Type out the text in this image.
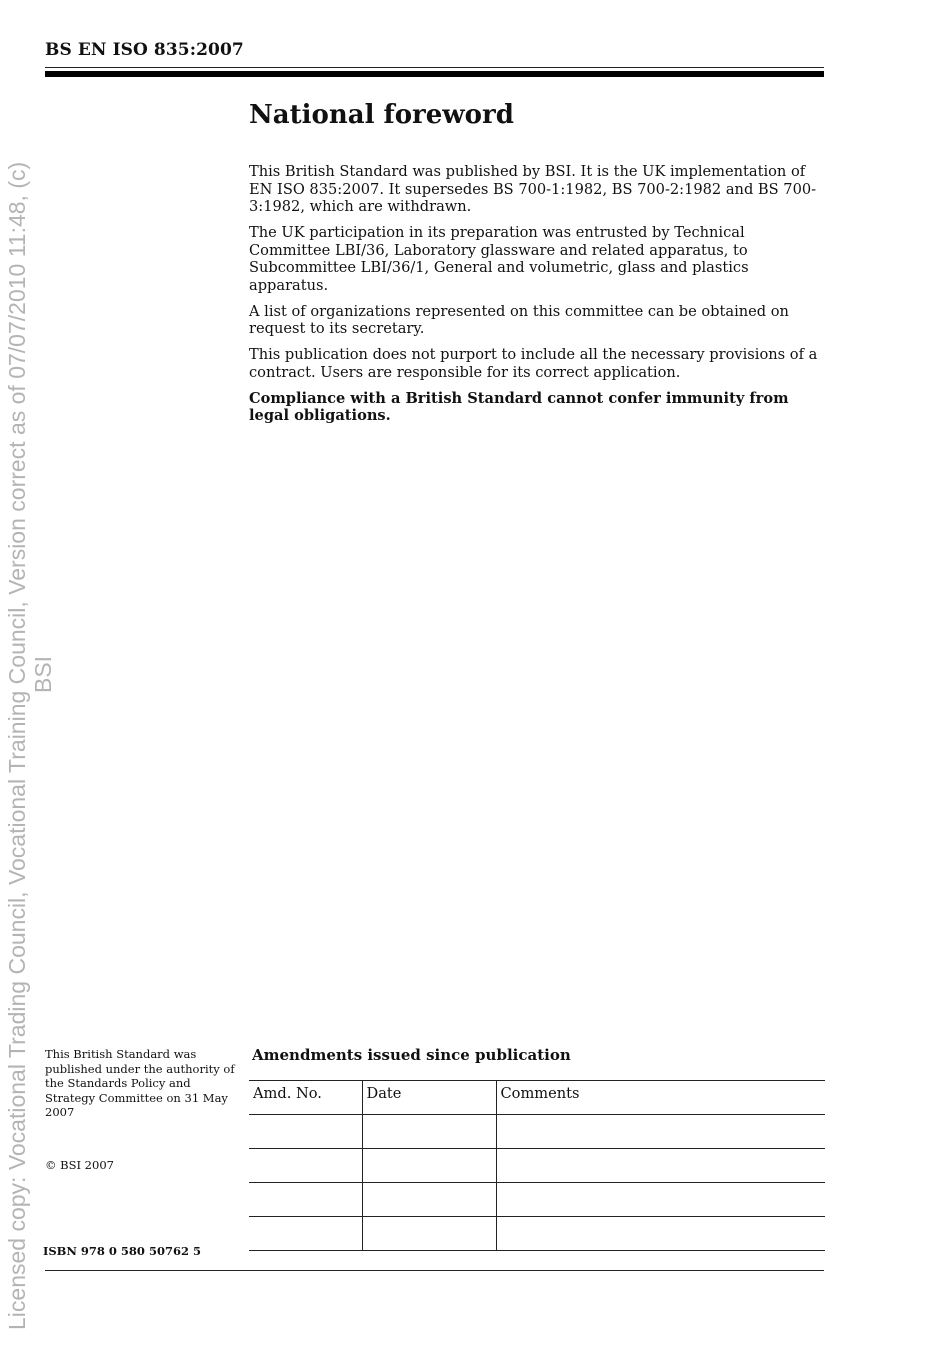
Licensed copy: Vocational Trading Council, Vocational Training Council, Version correct as of 07/07/2010 11:48, (c) BSI
BS EN ISO 835:2007
National foreword

This British Standard was published by BSI. It is the UK implementation of EN ISO 835:2007. It supersedes BS 700-1:1982, BS 700-2:1982 and BS 700-3:1982, which are withdrawn.

The UK participation in its preparation was entrusted by Technical Committee LBI/36, Laboratory glassware and related apparatus, to Subcommittee LBI/36/1, General and volumetric, glass and plastics apparatus.

A list of organizations represented on this committee can be obtained on request to its secretary.

This publication does not purport to include all the necessary provisions of a contract. Users are responsible for its correct application.

Compliance with a British Standard cannot confer immunity from legal obligations.

This British Standard was published under the authority of the Standards Policy and Strategy Committee on 31 May 2007
© BSI 2007
ISBN 978 0 580 50762 5
Amendments issued since publication
Amd. No.	Date	Comments
